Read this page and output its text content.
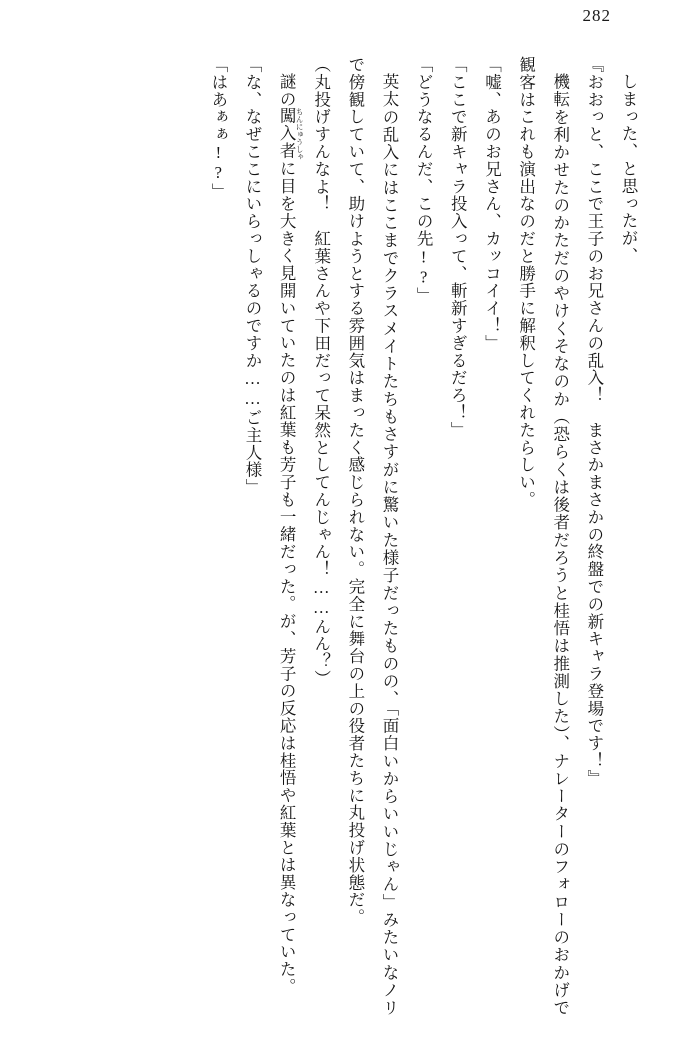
282
しまった、と思ったが、
『おおっと、ここで王子のお兄さんの乱入！　まさかまさかの終盤での新キャラ登場です！』
機転を利かせたのかただのやけくそなのか（恐らくは後者だろうと桂悟は推測した）、ナレーターのフォローのおかげで観客はこれも演出なのだと勝手に解釈してくれたらしい。
「嘘、あのお兄さん、カッコイイ！」
「ここで新キャラ投入って、斬新すぎるだろ！」
「どうなるんだ、この先!?」
英太の乱入にはここまでクラスメイトたちもさすがに驚いた様子だったものの、「面白いからいいじゃん」みたいなノリで傍観していて、助けようとする雰囲気はまったく感じられない。完全に舞台の上の役者たちに丸投げ状態だ。
（丸投げすんなよ！　紅葉さんや下田だって呆然としてんじゃん！……んん？）
謎の闖入者 ちんにゅうしゃに目を大きく見開いていたのは紅葉も芳子も一緒だった。が、芳子の反応は桂悟や紅葉とは異なっていた。
「な、なぜここにいらっしゃるのですか……ご主人様」
「はあぁぁ!?」
